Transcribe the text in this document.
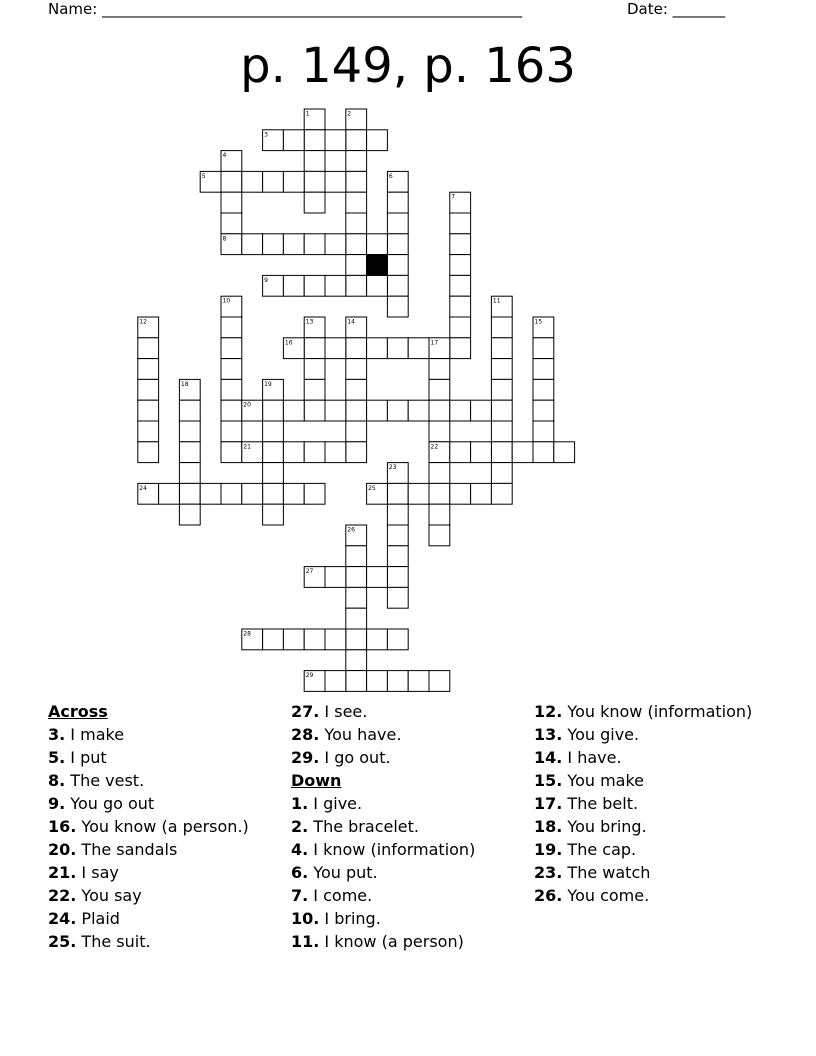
Name: ________________________________________________________	Date: _______
p. 149, p. 163
1	2
3
4
5	6
7
8
9
10	11
12	13	14	15
16	17
18	19
20
21	22
23
24	25
26
27
28
29
Across
3. I make
5. I put
8. The vest.
9. You go out
16. You know (a person.)
20. The sandals
21. I say
22. You say
24. Plaid
25. The suit.
27. I see.
28. You have.
29. I go out.
Down
1. I give.
2. The bracelet.
4. I know (information)
6. You put.
7. I come.
10. I bring.
11. I know (a person)
12. You know (information)
13. You give.
14. I have.
15. You make
17. The belt.
18. You bring.
19. The cap.
23. The watch
26. You come.
